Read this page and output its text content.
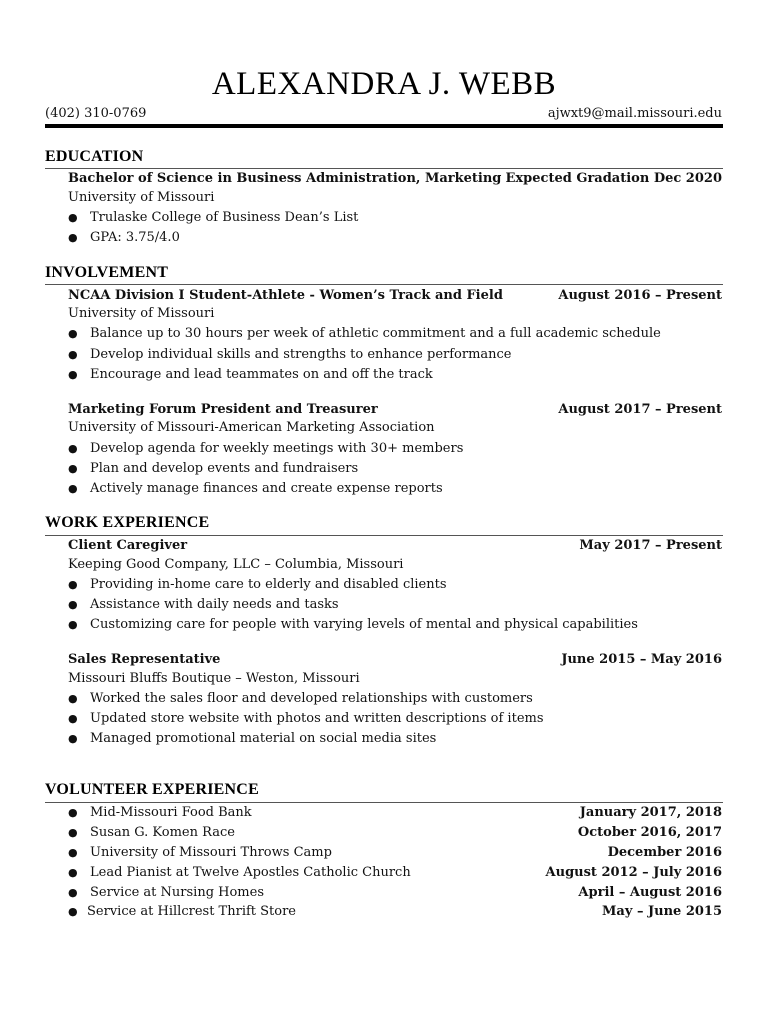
ALEXANDRA J. WEBB
(402) 310-0769	ajwxt9@mail.missouri.edu
EDUCATION
Bachelor of Science in Business Administration, Marketing Expected Gradation Dec 2020
University of Missouri
● Trulaske College of Business Dean’s List
● GPA: 3.75/4.0
INVOLVEMENT
NCAA Division I Student-Athlete - Women’s Track and Field	August 2016 – Present
University of Missouri
● Balance up to 30 hours per week of athletic commitment and a full academic schedule
● Develop individual skills and strengths to enhance performance
● Encourage and lead teammates on and off the track
Marketing Forum President and Treasurer	August 2017 – Present
University of Missouri-American Marketing Association
● Develop agenda for weekly meetings with 30+ members
● Plan and develop events and fundraisers
● Actively manage finances and create expense reports
WORK EXPERIENCE
Client Caregiver	May 2017 – Present
Keeping Good Company, LLC – Columbia, Missouri
● Providing in-home care to elderly and disabled clients
● Assistance with daily needs and tasks
● Customizing care for people with varying levels of mental and physical capabilities
Sales Representative	June 2015 – May 2016
Missouri Bluffs Boutique – Weston, Missouri
● Worked the sales floor and developed relationships with customers
● Updated store website with photos and written descriptions of items
● Managed promotional material on social media sites
VOLUNTEER EXPERIENCE
● Mid-Missouri Food Bank	January 2017, 2018
● Susan G. Komen Race	October 2016, 2017
● University of Missouri Throws Camp	December 2016
● Lead Pianist at Twelve Apostles Catholic Church	August 2012 – July 2016
● Service at Nursing Homes	April – August 2016
● Service at Hillcrest Thrift Store	May – June 2015
